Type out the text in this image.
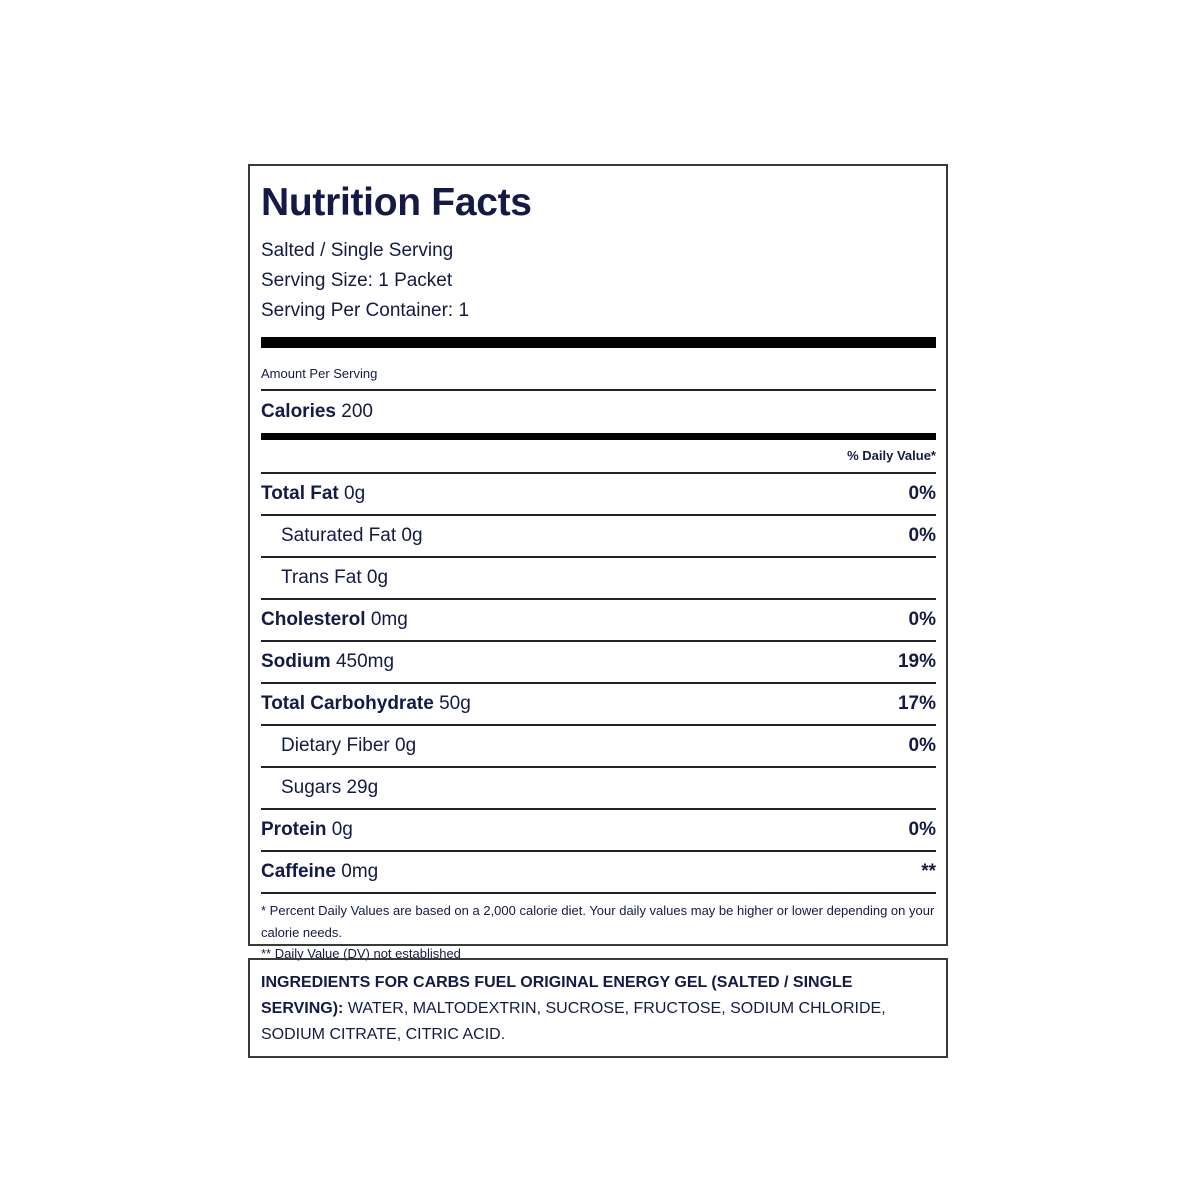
Nutrition Facts
Salted / Single Serving
Serving Size: 1 Packet
Serving Per Container: 1
Amount Per Serving
Calories 200
% Daily Value*
Total Fat 0g	0%
Saturated Fat 0g	0%
Trans Fat 0g
Cholesterol 0mg	0%
Sodium 450mg	19%
Total Carbohydrate 50g	17%
Dietary Fiber 0g	0%
Sugars 29g
Protein 0g	0%
Caffeine 0mg	**
* Percent Daily Values are based on a 2,000 calorie diet. Your daily values may be higher or lower depending on your calorie needs.
** Daily Value (DV) not established
INGREDIENTS FOR CARBS FUEL ORIGINAL ENERGY GEL (SALTED / SINGLE SERVING): WATER, MALTODEXTRIN, SUCROSE, FRUCTOSE, SODIUM CHLORIDE, SODIUM CITRATE, CITRIC ACID.
